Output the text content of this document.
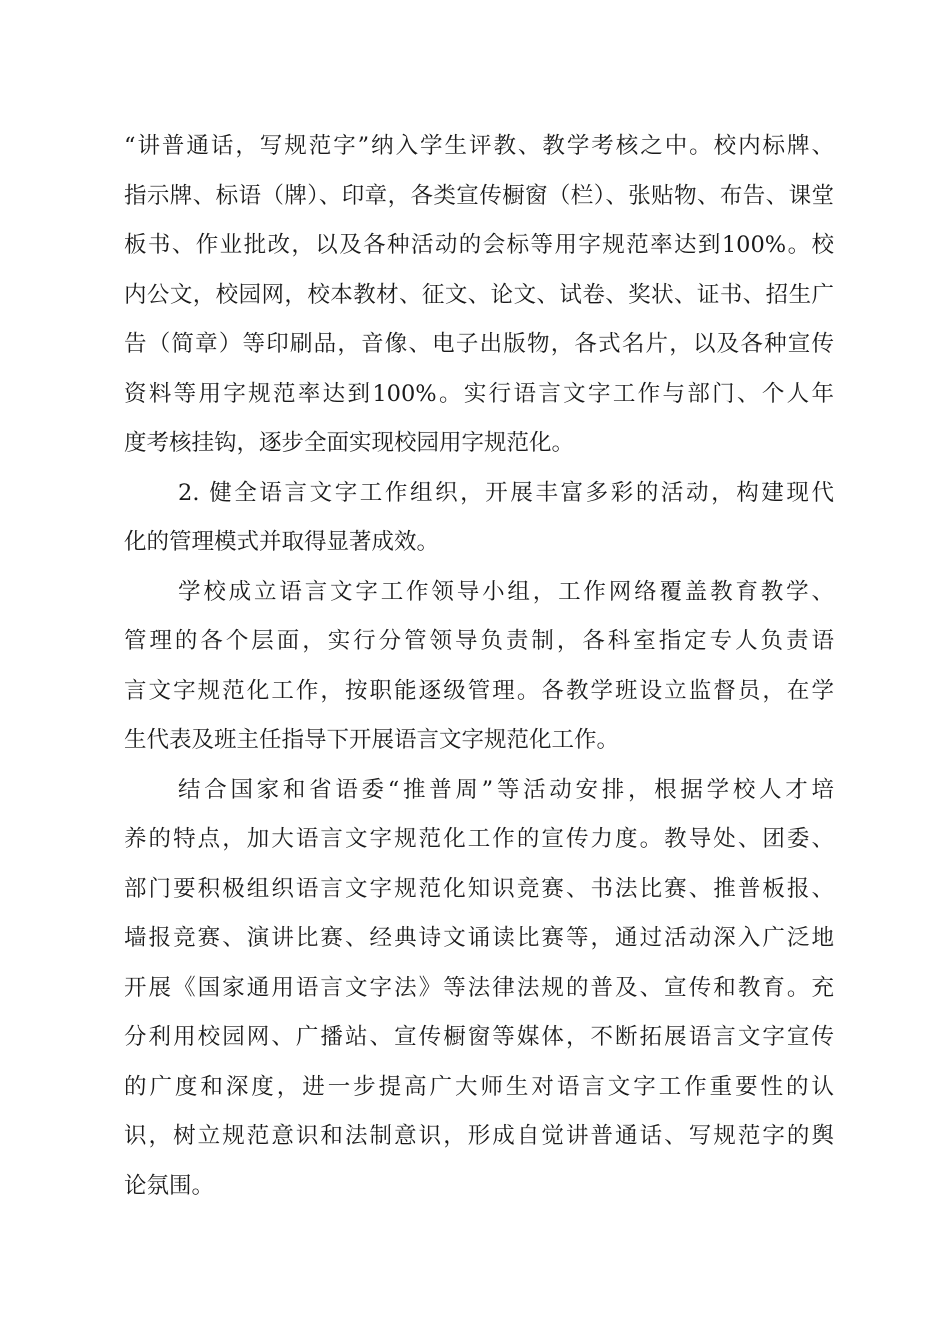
“讲普通话，写规范字”纳入学生评教、教学考核之中。校内标牌、
指示牌、标语（牌）、印章，各类宣传橱窗（栏）、张贴物、布告、课堂
板书、作业批改，以及各种活动的会标等用字规范率达到100%。校
内公文，校园网，校本教材、征文、论文、试卷、奖状、证书、招生广
告（简章）等印刷品，音像、电子出版物，各式名片，以及各种宣传
资料等用字规范率达到100%。实行语言文字工作与部门、个人年
度考核挂钩，逐步全面实现校园用字规范化。
2. 健全语言文字工作组织，开展丰富多彩的活动，构建现代
化的管理模式并取得显著成效。
学校成立语言文字工作领导小组，工作网络覆盖教育教学、
管理的各个层面，实行分管领导负责制，各科室指定专人负责语
言文字规范化工作，按职能逐级管理。各教学班设立监督员，在学
生代表及班主任指导下开展语言文字规范化工作。
结合国家和省语委“推普周”等活动安排，根据学校人才培
养的特点，加大语言文字规范化工作的宣传力度。教导处、团委、
部门要积极组织语言文字规范化知识竞赛、书法比赛、推普板报、
墙报竞赛、演讲比赛、经典诗文诵读比赛等，通过活动深入广泛地
开展《国家通用语言文字法》等法律法规的普及、宣传和教育。充
分利用校园网、广播站、宣传橱窗等媒体，不断拓展语言文字宣传
的广度和深度，进一步提高广大师生对语言文字工作重要性的认
识，树立规范意识和法制意识，形成自觉讲普通话、写规范字的舆
论氛围。
